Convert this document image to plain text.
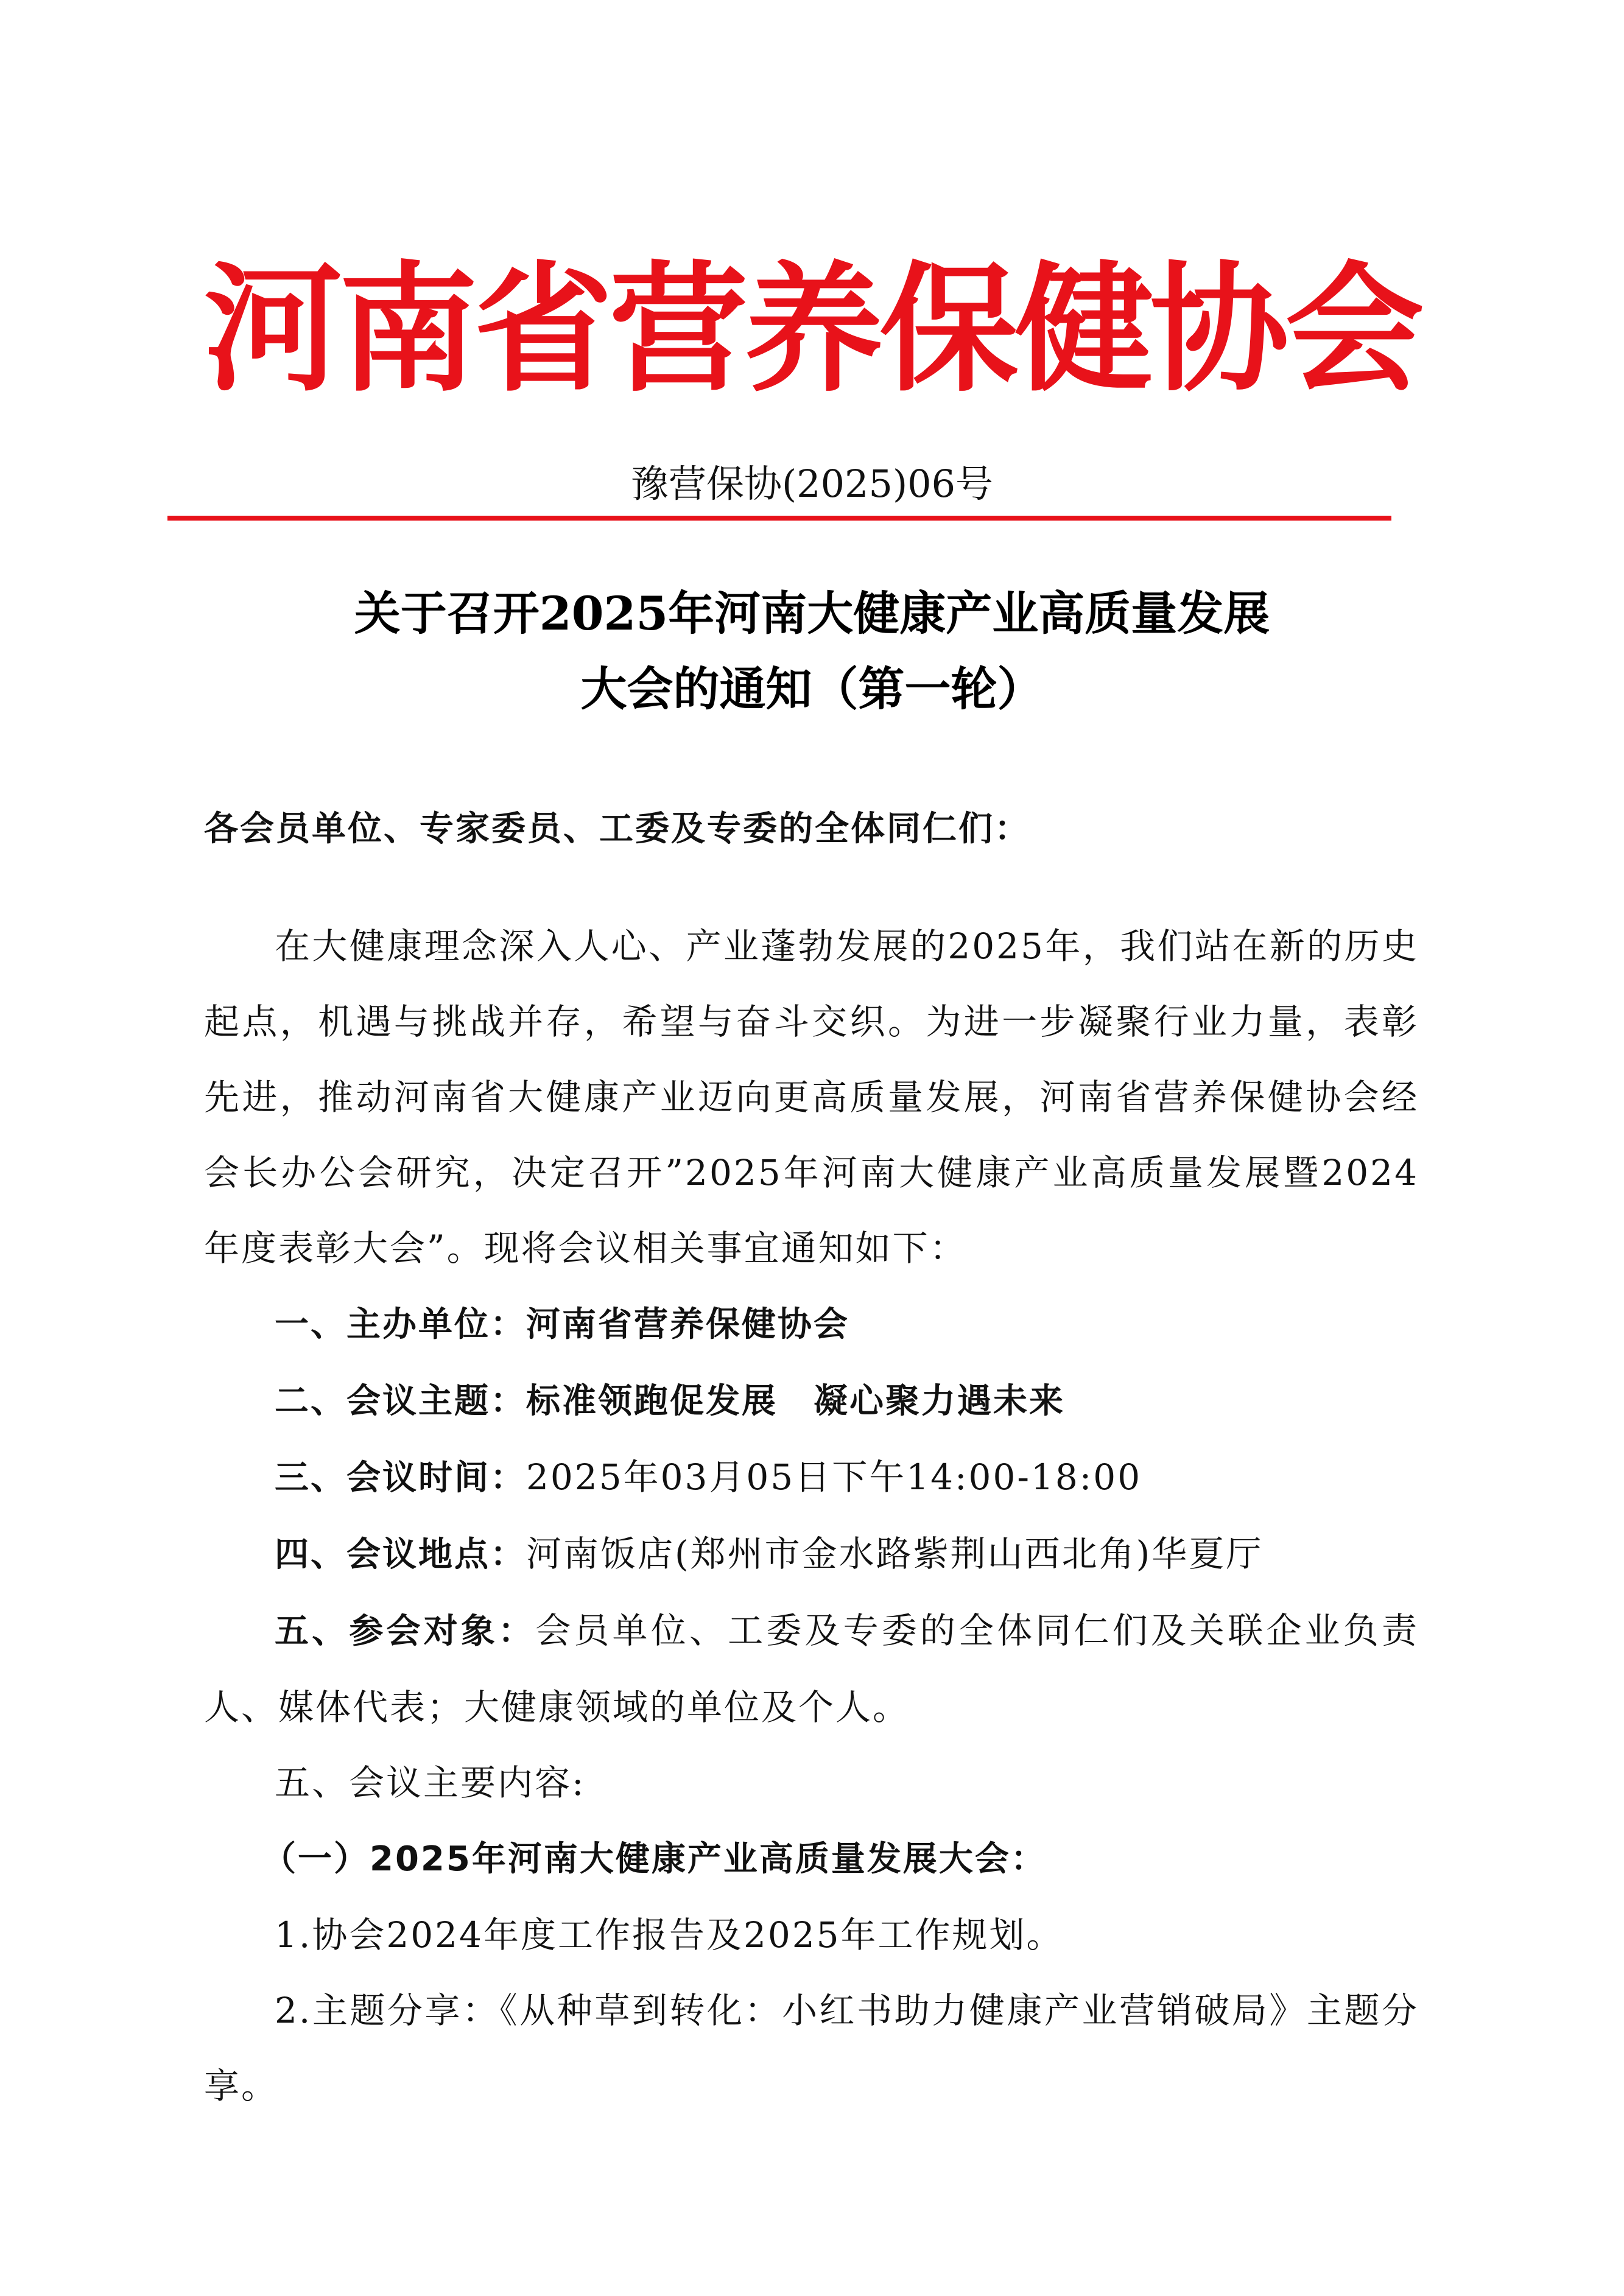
河南省营养保健协会
豫营保协(2025)06号
关于召开2025年河南大健康产业高质量发展
大会的通知（第一轮）
各会员单位、专家委员、工委及专委的全体同仁们：

在大健康理念深入人心、产业蓬勃发展的2025年，我们站在新的历史起点，机遇与挑战并存，希望与奋斗交织。为进一步凝聚行业力量，表彰先进，推动河南省大健康产业迈向更高质量发展，河南省营养保健协会经会长办公会研究，决定召开”2025年河南大健康产业高质量发展暨2024年度表彰大会”。现将会议相关事宜通知如下：

一、主办单位：河南省营养保健协会

二、会议主题：标准领跑促发展　凝心聚力遇未来

三、会议时间：2025年03月05日下午14:00-18:00

四、会议地点：河南饭店(郑州市金水路紫荆山西北角)华夏厅

五、参会对象：会员单位、工委及专委的全体同仁们及关联企业负责人、媒体代表；大健康领域的单位及个人。

五、会议主要内容:

（一）2025年河南大健康产业高质量发展大会：

1.协会2024年度工作报告及2025年工作规划。

2.主题分享：《从种草到转化：小红书助力健康产业营销破局》主题分享。
